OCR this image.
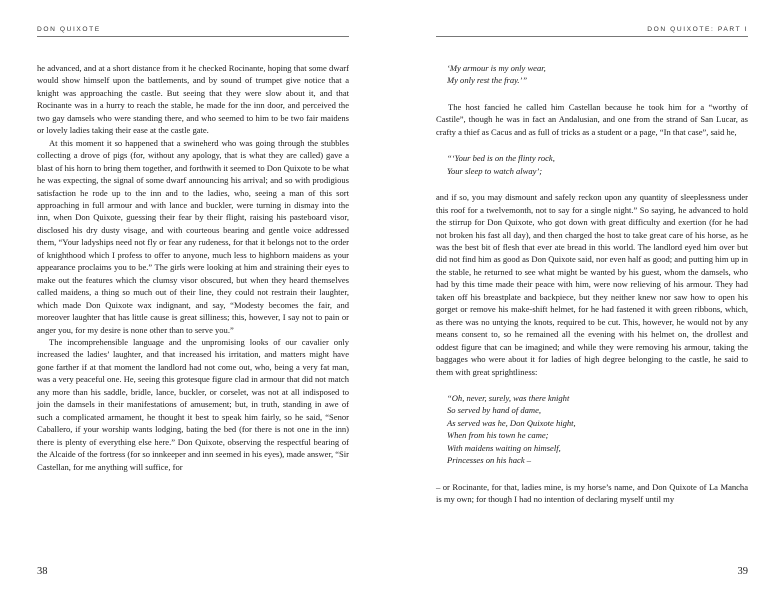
DON QUIXOTE

he advanced, and at a short distance from it he checked Rocinante, hoping that some dwarf would show himself upon the battlements, and by sound of trumpet give notice that a knight was approaching the castle. But seeing that they were slow about it, and that Rocinante was in a hurry to reach the stable, he made for the inn door, and perceived the two gay damsels who were standing there, and who seemed to him to be two fair maidens or lovely ladies taking their ease at the castle gate.

At this moment it so happened that a swineherd who was going through the stubbles collecting a drove of pigs (for, without any apology, that is what they are called) gave a blast of his horn to bring them together, and forthwith it seemed to Don Quixote to be what he was expecting, the signal of some dwarf announcing his arrival; and so with prodigious satisfaction he rode up to the inn and to the ladies, who, seeing a man of this sort approaching in full armour and with lance and buckler, were turning in dismay into the inn, when Don Quixote, guessing their fear by their flight, raising his pasteboard visor, disclosed his dry dusty visage, and with courteous bearing and gentle voice addressed them, “Your ladyships need not fly or fear any rudeness, for that it belongs not to the order of knighthood which I profess to offer to anyone, much less to highborn maidens as your appearance proclaims you to be.” The girls were looking at him and straining their eyes to make out the features which the clumsy visor obscured, but when they heard themselves called maidens, a thing so much out of their line, they could not restrain their laughter, which made Don Quixote wax indignant, and say, “Modesty becomes the fair, and moreover laughter that has little cause is great silliness; this, however, I say not to pain or anger you, for my desire is none other than to serve you.”

The incomprehensible language and the unpromising looks of our cavalier only increased the ladies’ laughter, and that increased his irritation, and matters might have gone farther if at that moment the landlord had not come out, who, being a very fat man, was a very peaceful one. He, seeing this grotesque figure clad in armour that did not match any more than his saddle, bridle, lance, buckler, or corselet, was not at all indisposed to join the damsels in their manifestations of amusement; but, in truth, standing in awe of such a complicated armament, he thought it best to speak him fairly, so he said, “Senor Caballero, if your worship wants lodging, bating the bed (for there is not one in the inn) there is plenty of everything else here.” Don Quixote, observing the respectful bearing of the Alcaide of the fortress (for so innkeeper and inn seemed in his eyes), made answer, “Sir Castellan, for me anything will suffice, for

38
DON QUIXOTE: PART I
‘My armour is my only wear,
My only rest the fray.’”

The host fancied he called him Castellan because he took him for a “worthy of Castile”, though he was in fact an Andalusian, and one from the strand of San Lucar, as crafty a thief as Cacus and as full of tricks as a student or a page, “In that case”, said he,

“‘Your bed is on the flinty rock,
Your sleep to watch alway’;

and if so, you may dismount and safely reckon upon any quantity of sleeplessness under this roof for a twelvemonth, not to say for a single night.” So saying, he advanced to hold the stirrup for Don Quixote, who got down with great difficulty and exertion (for he had not broken his fast all day), and then charged the host to take great care of his horse, as he was the best bit of flesh that ever ate bread in this world. The landlord eyed him over but did not find him as good as Don Quixote said, nor even half as good; and putting him up in the stable, he returned to see what might be wanted by his guest, whom the damsels, who had by this time made their peace with him, were now relieving of his armour. They had taken off his breastplate and backpiece, but they neither knew nor saw how to open his gorget or remove his make-shift helmet, for he had fastened it with green ribbons, which, as there was no untying the knots, required to be cut. This, however, he would not by any means consent to, so he remained all the evening with his helmet on, the drollest and oddest figure that can be imagined; and while they were removing his armour, taking the baggages who were about it for ladies of high degree belonging to the castle, he said to them with great sprightliness:

“Oh, never, surely, was there knight
So served by hand of dame,
As served was he, Don Quixote hight,
When from his town he came;
With maidens waiting on himself,
Princesses on his hack –

– or Rocinante, for that, ladies mine, is my horse’s name, and Don Quixote of La Mancha is my own; for though I had no intention of declaring myself until my

39
